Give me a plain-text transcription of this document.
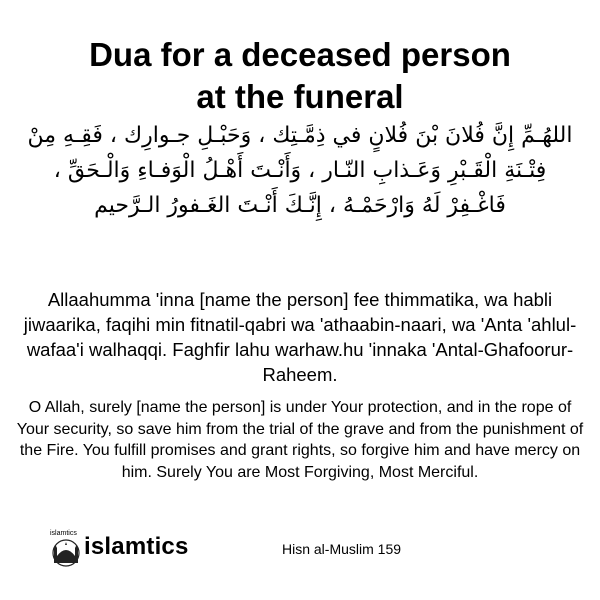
Dua for a deceased person
at the funeral
اللهُـمِّ إِنَّ فُلانَ بْنَ فُلانٍ في ذِمَّـتِك ، وَحَبْـلِ جـوارِك ، فَقِـهِ مِنْ فِتْـنَةِ الْقَـبْرِ وَعَـذابِ النّـار ، وَأَنْـتَ أَهْـلُ الْوَفـاءِ وَالْـحَقِّ ، فَاغْـفِرْ لَهُ وَارْحَمْـهُ ، إِنَّـكَ أَنْـتَ الغَـفورُ الـرَّحيم
Allaahumma 'inna [name the person] fee thimmatika, wa habli jiwaarika, faqihi min fitnatil-qabri wa 'athaabin-naari, wa 'Anta 'ahlul-wafaa'i walhaqqi. Faghfir lahu warhaw.hu 'innaka 'Antal-Ghafoorur-Raheem.
O Allah, surely [name the person] is under Your protection, and in the rope of Your security, so save him from the trial of the grave and from the punishment of the Fire. You fulfill promises and grant rights, so forgive him and have mercy on him. Surely You are Most Forgiving, Most Merciful.
islamtics islamtics	Hisn al-Muslim 159
